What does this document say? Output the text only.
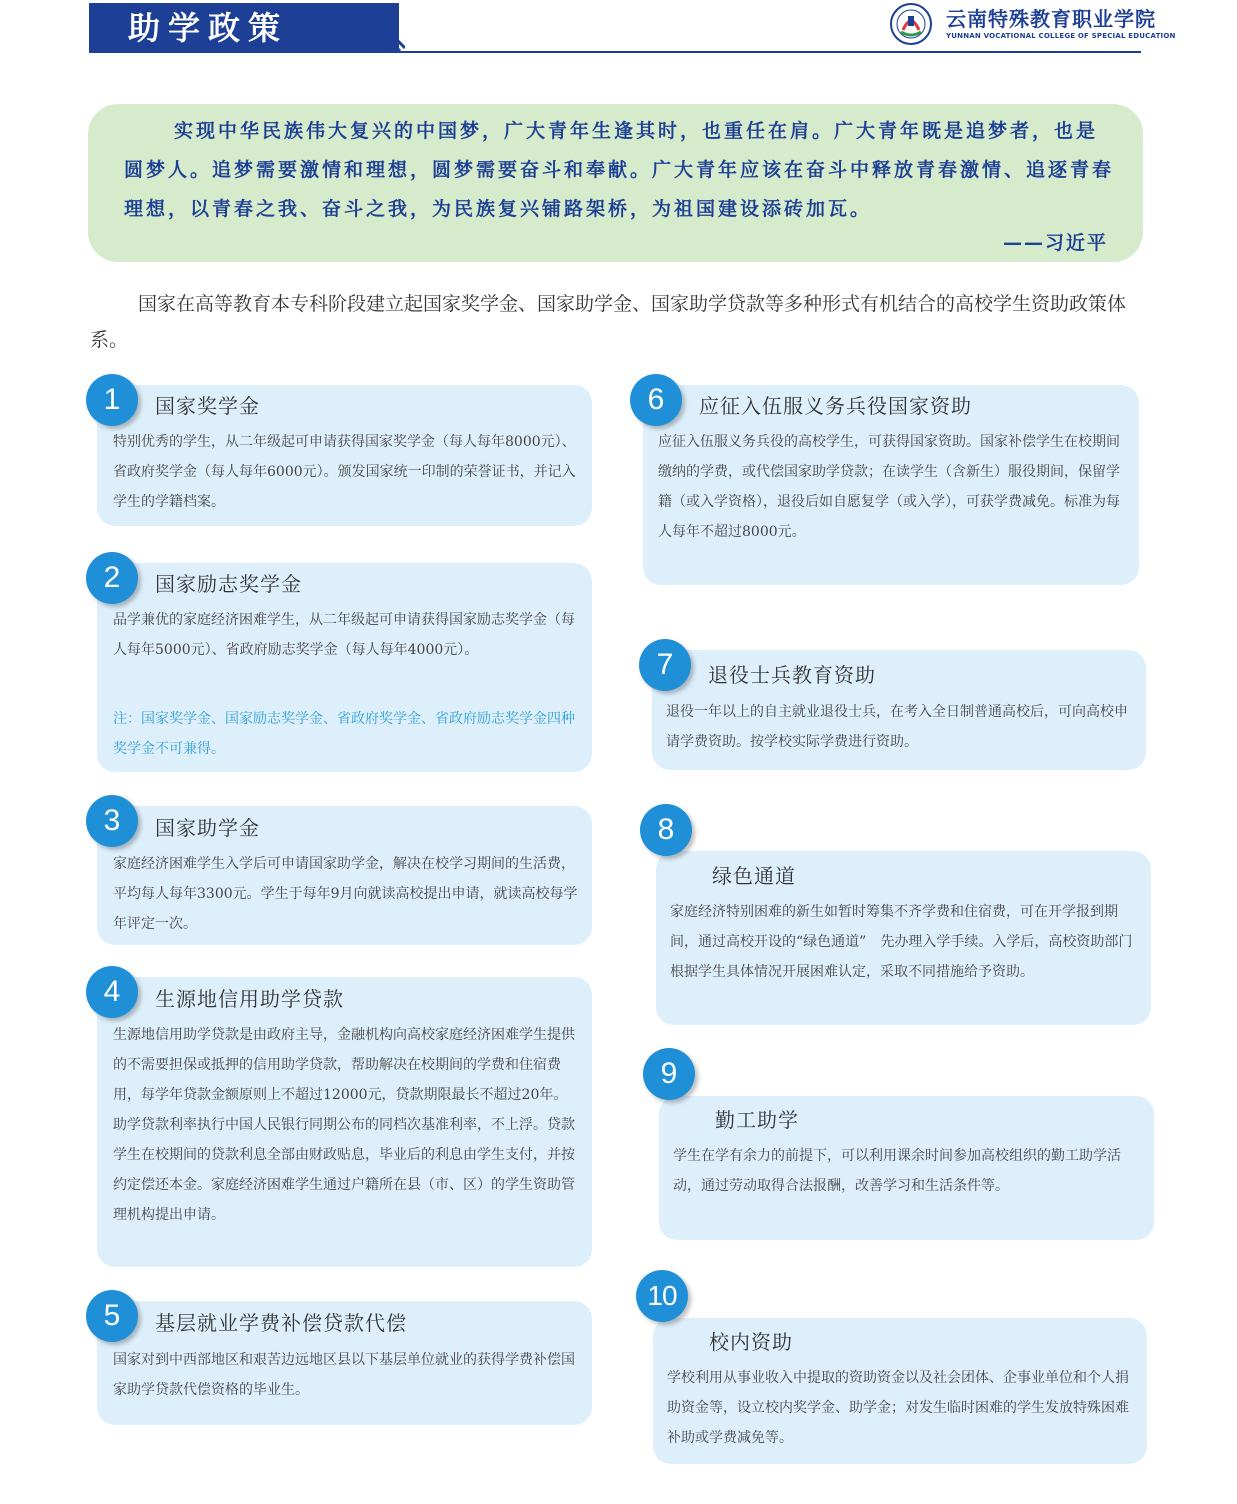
助学政策	云南特殊教育职业学院
YUNNAN VOCATIONAL COLLEGE OF SPECIAL EDUCATION
实现中华民族伟大复兴的中国梦，广大青年生逢其时，也重任在肩。广大青年既是追梦者，也是圆梦人。追梦需要激情和理想，圆梦需要奋斗和奉献。广大青年应该在奋斗中释放青春激情、追逐青春理想，以青春之我、奋斗之我，为民族复兴铺路架桥，为祖国建设添砖加瓦。
——习近平
国家在高等教育本专科阶段建立起国家奖学金、国家助学金、国家助学贷款等多种形式有机结合的高校学生资助政策体系。
1	国家奖学金
特别优秀的学生，从二年级起可申请获得国家奖学金（每人每年8000元）、省政府奖学金（每人每年6000元）。颁发国家统一印制的荣誉证书，并记入学生的学籍档案。
2	国家励志奖学金
品学兼优的家庭经济困难学生，从二年级起可申请获得国家励志奖学金（每人每年5000元）、省政府励志奖学金（每人每年4000元）。
注：国家奖学金、国家励志奖学金、省政府奖学金、省政府励志奖学金四种奖学金不可兼得。
3	国家助学金
家庭经济困难学生入学后可申请国家助学金，解决在校学习期间的生活费，平均每人每年3300元。学生于每年9月向就读高校提出申请，就读高校每学年评定一次。
4	生源地信用助学贷款
生源地信用助学贷款是由政府主导，金融机构向高校家庭经济困难学生提供的不需要担保或抵押的信用助学贷款，帮助解决在校期间的学费和住宿费用，每学年贷款金额原则上不超过12000元，贷款期限最长不超过20年。助学贷款利率执行中国人民银行同期公布的同档次基准利率，不上浮。贷款学生在校期间的贷款利息全部由财政贴息，毕业后的利息由学生支付，并按约定偿还本金。家庭经济困难学生通过户籍所在县（市、区）的学生资助管理机构提出申请。
5	基层就业学费补偿贷款代偿
国家对到中西部地区和艰苦边远地区县以下基层单位就业的获得学费补偿国家助学贷款代偿资格的毕业生。
6	应征入伍服义务兵役国家资助
应征入伍服义务兵役的高校学生，可获得国家资助。国家补偿学生在校期间缴纳的学费，或代偿国家助学贷款；在读学生（含新生）服役期间，保留学籍（或入学资格），退役后如自愿复学（或入学），可获学费减免。标准为每人每年不超过8000元。
7	退役士兵教育资助
退役一年以上的自主就业退役士兵，在考入全日制普通高校后，可向高校申请学费资助。按学校实际学费进行资助。
8
绿色通道
家庭经济特别困难的新生如暂时筹集不齐学费和住宿费，可在开学报到期间，通过高校开设的“绿色通道”　先办理入学手续。入学后，高校资助部门根据学生具体情况开展困难认定，采取不同措施给予资助。
9
勤工助学
学生在学有余力的前提下，可以利用课余时间参加高校组织的勤工助学活动，通过劳动取得合法报酬，改善学习和生活条件等。
10
校内资助
学校利用从事业收入中提取的资助资金以及社会团体、企事业单位和个人捐助资金等，设立校内奖学金、助学金；对发生临时困难的学生发放特殊困难补助或学费减免等。
